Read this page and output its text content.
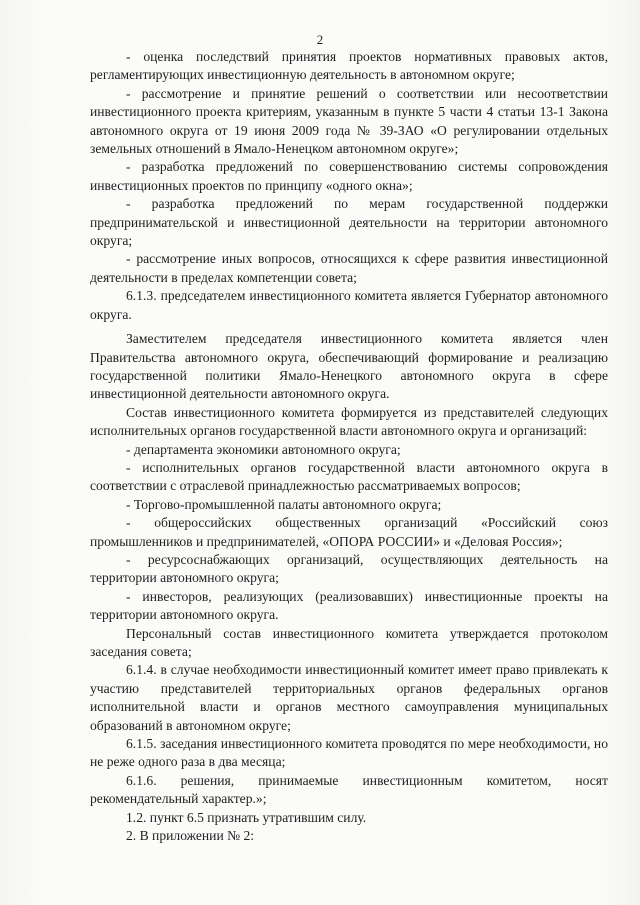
2

- оценка последствий принятия проектов нормативных правовых актов, регламентирующих инвестиционную деятельность в автономном округе;

- рассмотрение и принятие решений о соответствии или несоответствии инвестиционного проекта критериям, указанным в пункте 5 части 4 статьи 13-1 Закона автономного округа от 19 июня 2009 года № 39-ЗАО «О регулировании отдельных земельных отношений в Ямало-Ненецком автономном округе»;

- разработка предложений по совершенствованию системы сопровождения инвестиционных проектов по принципу «одного окна»;

- разработка предложений по мерам государственной поддержки предпринимательской и инвестиционной деятельности на территории автономного округа;

- рассмотрение иных вопросов, относящихся к сфере развития инвестиционной деятельности в пределах компетенции совета;

6.1.3. председателем инвестиционного комитета является Губернатор автономного округа.

Заместителем председателя инвестиционного комитета является член Правительства автономного округа, обеспечивающий формирование и реализацию государственной политики Ямало-Ненецкого автономного округа в сфере инвестиционной деятельности автономного округа.

Состав инвестиционного комитета формируется из представителей следующих исполнительных органов государственной власти автономного округа и организаций:

- департамента экономики автономного округа;

- исполнительных органов государственной власти автономного округа в соответствии с отраслевой принадлежностью рассматриваемых вопросов;

- Торгово-промышленной палаты автономного округа;

- общероссийских общественных организаций «Российский союз промышленников и предпринимателей, «ОПОРА РОССИИ» и «Деловая Россия»;

- ресурсоснабжающих организаций, осуществляющих деятельность на территории автономного округа;

- инвесторов, реализующих (реализовавших) инвестиционные проекты на территории автономного округа.

Персональный состав инвестиционного комитета утверждается протоколом заседания совета;

6.1.4. в случае необходимости инвестиционный комитет имеет право привлекать к участию представителей территориальных органов федеральных органов исполнительной власти и органов местного самоуправления муниципальных образований в автономном округе;

6.1.5. заседания инвестиционного комитета проводятся по мере необходимости, но не реже одного раза в два месяца;

6.1.6. решения, принимаемые инвестиционным комитетом, носят рекомендательный характер.»;

1.2. пункт 6.5 признать утратившим силу.

2. В приложении № 2:
